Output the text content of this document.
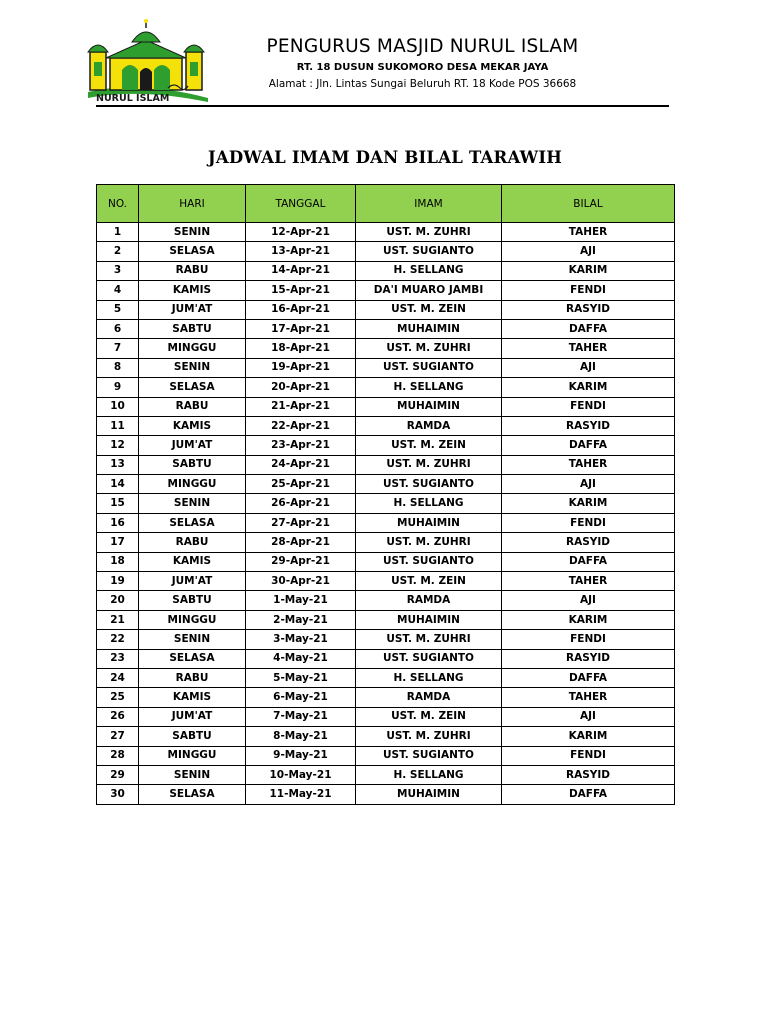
NURUL ISLAM
PENGURUS MASJID NURUL ISLAM
RT. 18 DUSUN SUKOMORO DESA MEKAR JAYA
Alamat : Jln. Lintas Sungai Beluruh RT. 18 Kode POS 36668
JADWAL IMAM DAN BILAL TARAWIH
NO.	HARI	TANGGAL	IMAM	BILAL
1	SENIN	12-Apr-21	UST. M. ZUHRI	TAHER
2	SELASA	13-Apr-21	UST. SUGIANTO	AJI
3	RABU	14-Apr-21	H. SELLANG	KARIM
4	KAMIS	15-Apr-21	DA'I MUARO JAMBI	FENDI
5	JUM'AT	16-Apr-21	UST. M. ZEIN	RASYID
6	SABTU	17-Apr-21	MUHAIMIN	DAFFA
7	MINGGU	18-Apr-21	UST. M. ZUHRI	TAHER
8	SENIN	19-Apr-21	UST. SUGIANTO	AJI
9	SELASA	20-Apr-21	H. SELLANG	KARIM
10	RABU	21-Apr-21	MUHAIMIN	FENDI
11	KAMIS	22-Apr-21	RAMDA	RASYID
12	JUM'AT	23-Apr-21	UST. M. ZEIN	DAFFA
13	SABTU	24-Apr-21	UST. M. ZUHRI	TAHER
14	MINGGU	25-Apr-21	UST. SUGIANTO	AJI
15	SENIN	26-Apr-21	H. SELLANG	KARIM
16	SELASA	27-Apr-21	MUHAIMIN	FENDI
17	RABU	28-Apr-21	UST. M. ZUHRI	RASYID
18	KAMIS	29-Apr-21	UST. SUGIANTO	DAFFA
19	JUM'AT	30-Apr-21	UST. M. ZEIN	TAHER
20	SABTU	1-May-21	RAMDA	AJI
21	MINGGU	2-May-21	MUHAIMIN	KARIM
22	SENIN	3-May-21	UST. M. ZUHRI	FENDI
23	SELASA	4-May-21	UST. SUGIANTO	RASYID
24	RABU	5-May-21	H. SELLANG	DAFFA
25	KAMIS	6-May-21	RAMDA	TAHER
26	JUM'AT	7-May-21	UST. M. ZEIN	AJI
27	SABTU	8-May-21	UST. M. ZUHRI	KARIM
28	MINGGU	9-May-21	UST. SUGIANTO	FENDI
29	SENIN	10-May-21	H. SELLANG	RASYID
30	SELASA	11-May-21	MUHAIMIN	DAFFA
